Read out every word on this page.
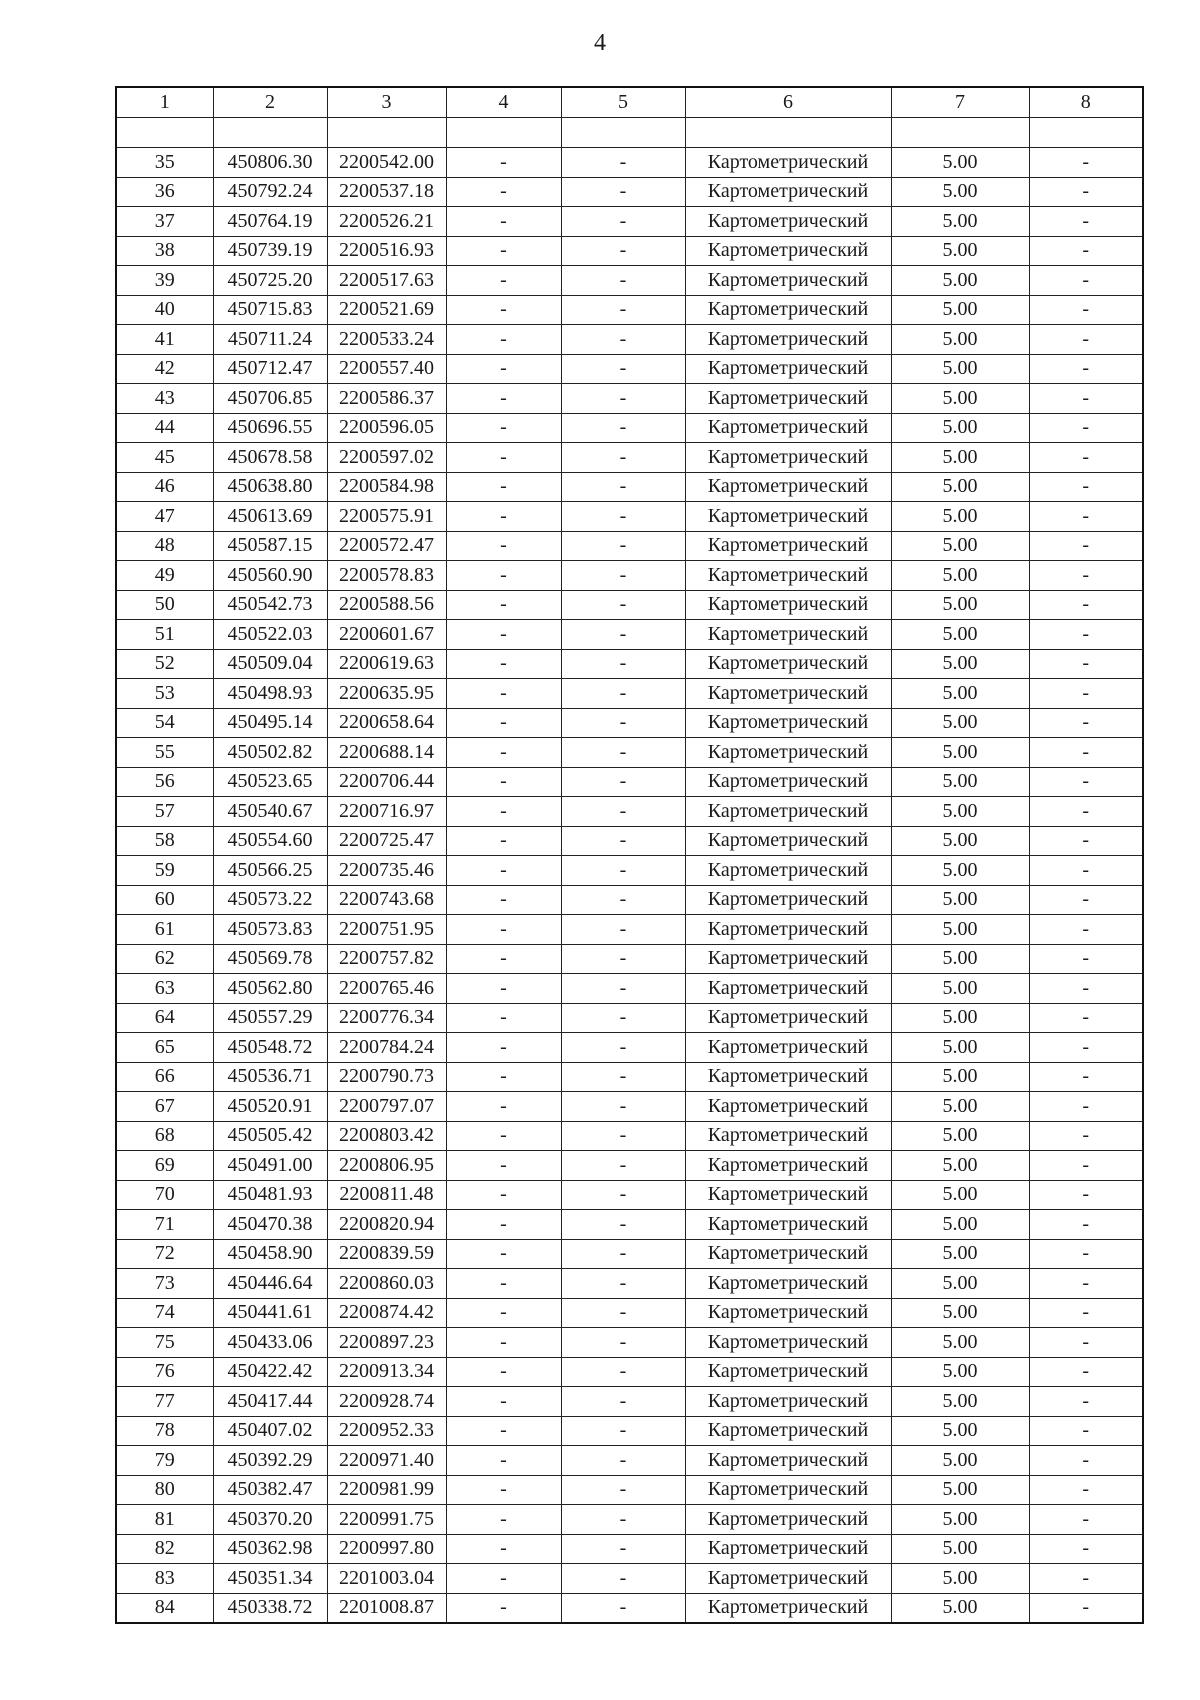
4
1	2	3	4	5	6	7	8

35	450806.30	2200542.00	-	-	Картометрический	5.00	-
36	450792.24	2200537.18	-	-	Картометрический	5.00	-
37	450764.19	2200526.21	-	-	Картометрический	5.00	-
38	450739.19	2200516.93	-	-	Картометрический	5.00	-
39	450725.20	2200517.63	-	-	Картометрический	5.00	-
40	450715.83	2200521.69	-	-	Картометрический	5.00	-
41	450711.24	2200533.24	-	-	Картометрический	5.00	-
42	450712.47	2200557.40	-	-	Картометрический	5.00	-
43	450706.85	2200586.37	-	-	Картометрический	5.00	-
44	450696.55	2200596.05	-	-	Картометрический	5.00	-
45	450678.58	2200597.02	-	-	Картометрический	5.00	-
46	450638.80	2200584.98	-	-	Картометрический	5.00	-
47	450613.69	2200575.91	-	-	Картометрический	5.00	-
48	450587.15	2200572.47	-	-	Картометрический	5.00	-
49	450560.90	2200578.83	-	-	Картометрический	5.00	-
50	450542.73	2200588.56	-	-	Картометрический	5.00	-
51	450522.03	2200601.67	-	-	Картометрический	5.00	-
52	450509.04	2200619.63	-	-	Картометрический	5.00	-
53	450498.93	2200635.95	-	-	Картометрический	5.00	-
54	450495.14	2200658.64	-	-	Картометрический	5.00	-
55	450502.82	2200688.14	-	-	Картометрический	5.00	-
56	450523.65	2200706.44	-	-	Картометрический	5.00	-
57	450540.67	2200716.97	-	-	Картометрический	5.00	-
58	450554.60	2200725.47	-	-	Картометрический	5.00	-
59	450566.25	2200735.46	-	-	Картометрический	5.00	-
60	450573.22	2200743.68	-	-	Картометрический	5.00	-
61	450573.83	2200751.95	-	-	Картометрический	5.00	-
62	450569.78	2200757.82	-	-	Картометрический	5.00	-
63	450562.80	2200765.46	-	-	Картометрический	5.00	-
64	450557.29	2200776.34	-	-	Картометрический	5.00	-
65	450548.72	2200784.24	-	-	Картометрический	5.00	-
66	450536.71	2200790.73	-	-	Картометрический	5.00	-
67	450520.91	2200797.07	-	-	Картометрический	5.00	-
68	450505.42	2200803.42	-	-	Картометрический	5.00	-
69	450491.00	2200806.95	-	-	Картометрический	5.00	-
70	450481.93	2200811.48	-	-	Картометрический	5.00	-
71	450470.38	2200820.94	-	-	Картометрический	5.00	-
72	450458.90	2200839.59	-	-	Картометрический	5.00	-
73	450446.64	2200860.03	-	-	Картометрический	5.00	-
74	450441.61	2200874.42	-	-	Картометрический	5.00	-
75	450433.06	2200897.23	-	-	Картометрический	5.00	-
76	450422.42	2200913.34	-	-	Картометрический	5.00	-
77	450417.44	2200928.74	-	-	Картометрический	5.00	-
78	450407.02	2200952.33	-	-	Картометрический	5.00	-
79	450392.29	2200971.40	-	-	Картометрический	5.00	-
80	450382.47	2200981.99	-	-	Картометрический	5.00	-
81	450370.20	2200991.75	-	-	Картометрический	5.00	-
82	450362.98	2200997.80	-	-	Картометрический	5.00	-
83	450351.34	2201003.04	-	-	Картометрический	5.00	-
84	450338.72	2201008.87	-	-	Картометрический	5.00	-
